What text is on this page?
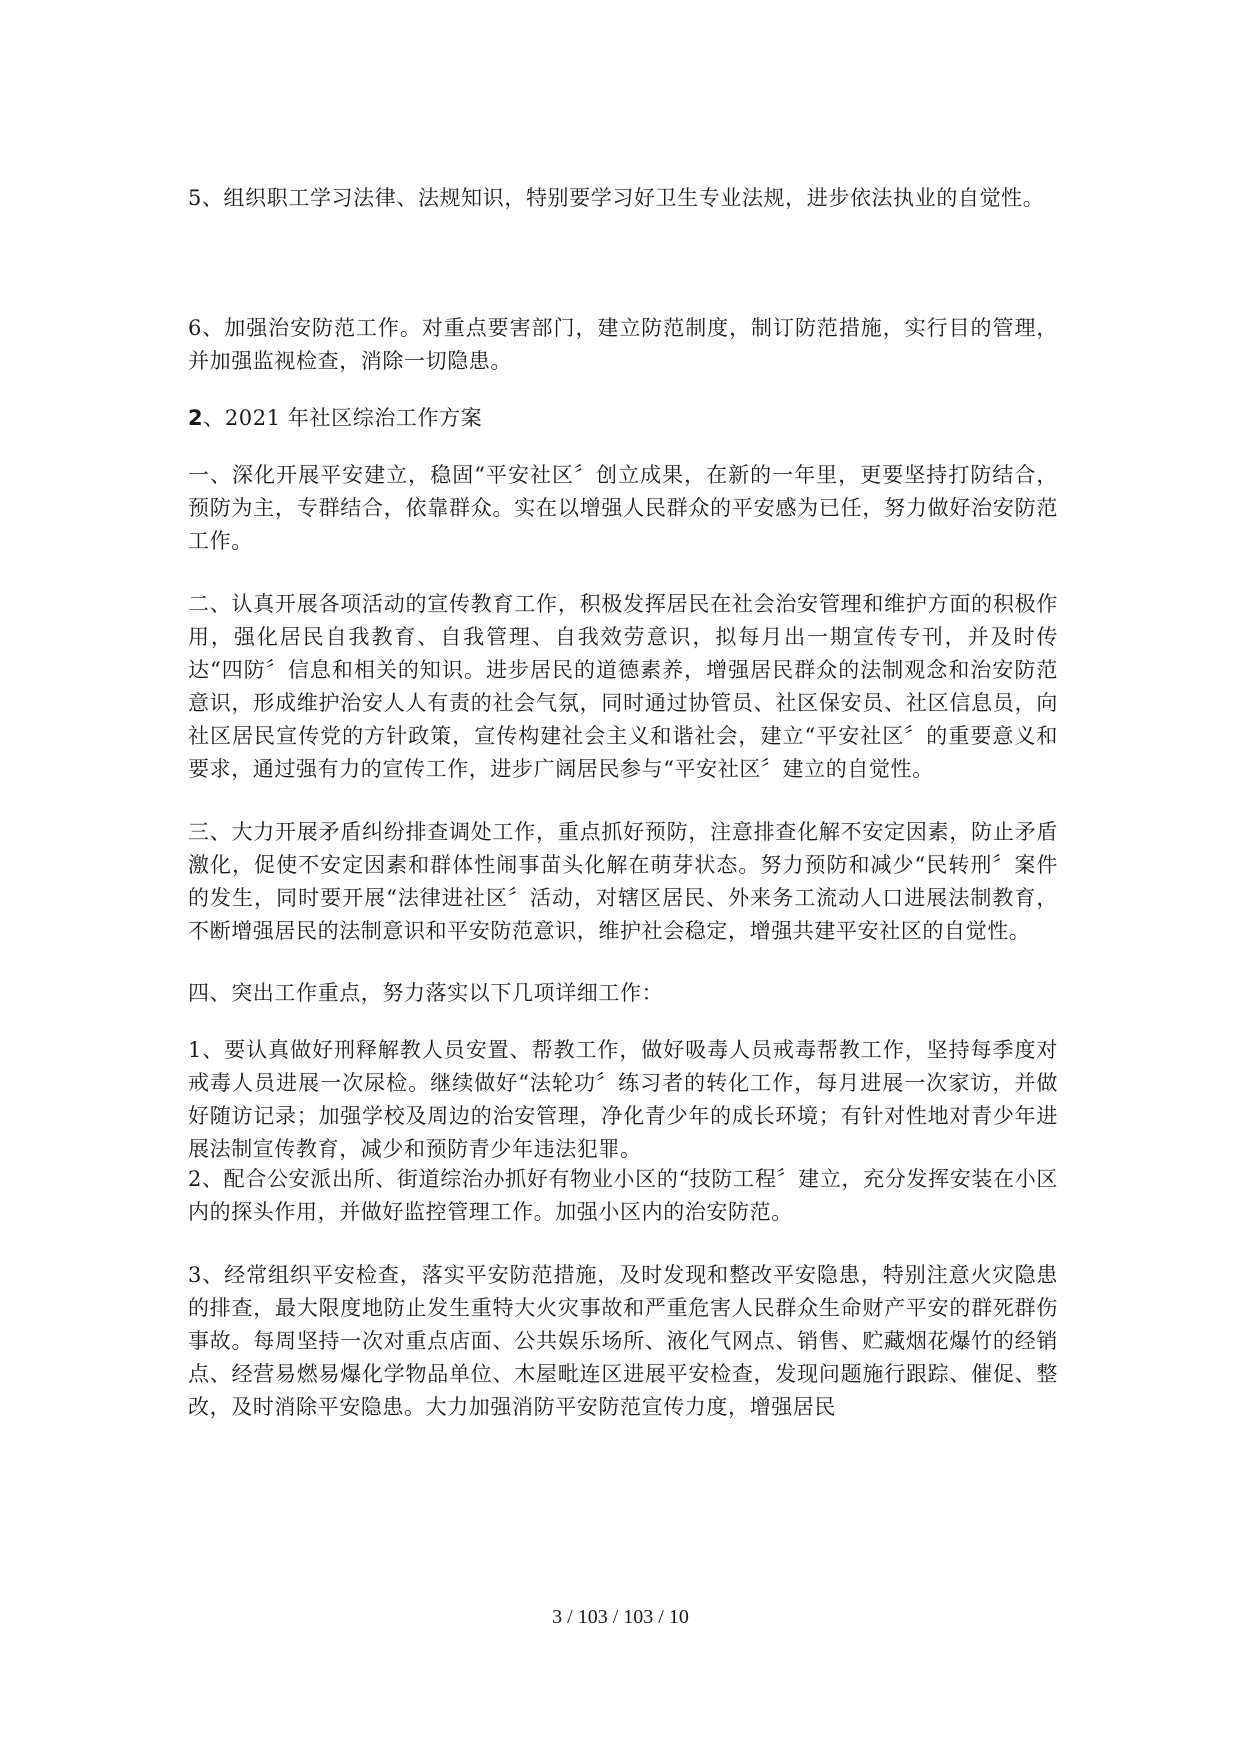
5、组织职工学习法律、法规知识，特别要学习好卫生专业法规，进步依法执业的自觉性。

6、加强治安防范工作。对重点要害部门，建立防范制度，制订防范措施，实行目的管理，并加强监视检查，消除一切隐患。

2、2021 年社区综治工作方案

一、深化开展平安建立，稳固“平安社区〞创立成果，在新的一年里，更要坚持打防结合，预防为主，专群结合，依靠群众。实在以增强人民群众的平安感为已任，努力做好治安防范工作。

二、认真开展各项活动的宣传教育工作，积极发挥居民在社会治安管理和维护方面的积极作用，强化居民自我教育、自我管理、自我效劳意识，拟每月出一期宣传专刊，并及时传达“四防〞信息和相关的知识。进步居民的道德素养，增强居民群众的法制观念和治安防范意识，形成维护治安人人有责的社会气氛，同时通过协管员、社区保安员、社区信息员，向社区居民宣传党的方针政策，宣传构建社会主义和谐社会，建立“平安社区〞的重要意义和要求，通过强有力的宣传工作，进步广阔居民参与“平安社区〞建立的自觉性。

三、大力开展矛盾纠纷排查调处工作，重点抓好预防，注意排查化解不安定因素，防止矛盾激化，促使不安定因素和群体性闹事苗头化解在萌芽状态。努力预防和减少“民转刑〞案件的发生，同时要开展“法律进社区〞活动，对辖区居民、外来务工流动人口进展法制教育，不断增强居民的法制意识和平安防范意识，维护社会稳定，增强共建平安社区的自觉性。

四、突出工作重点，努力落实以下几项详细工作：

1、要认真做好刑释解教人员安置、帮教工作，做好吸毒人员戒毒帮教工作，坚持每季度对戒毒人员进展一次尿检。继续做好“法轮功〞练习者的转化工作，每月进展一次家访，并做好随访记录；加强学校及周边的治安管理，净化青少年的成长环境；有针对性地对青少年进展法制宣传教育，减少和预防青少年违法犯罪。

2、配合公安派出所、街道综治办抓好有物业小区的“技防工程〞建立，充分发挥安装在小区内的探头作用，并做好监控管理工作。加强小区内的治安防范。

3、经常组织平安检查，落实平安防范措施，及时发现和整改平安隐患，特别注意火灾隐患的排查，最大限度地防止发生重特大火灾事故和严重危害人民群众生命财产平安的群死群伤事故。每周坚持一次对重点店面、公共娱乐场所、液化气网点、销售、贮藏烟花爆竹的经销点、经营易燃易爆化学物品单位、木屋毗连区进展平安检查，发现问题施行跟踪、催促、整改，及时消除平安隐患。大力加强消防平安防范宣传力度，增强居民

3 / 103 / 103 / 10
